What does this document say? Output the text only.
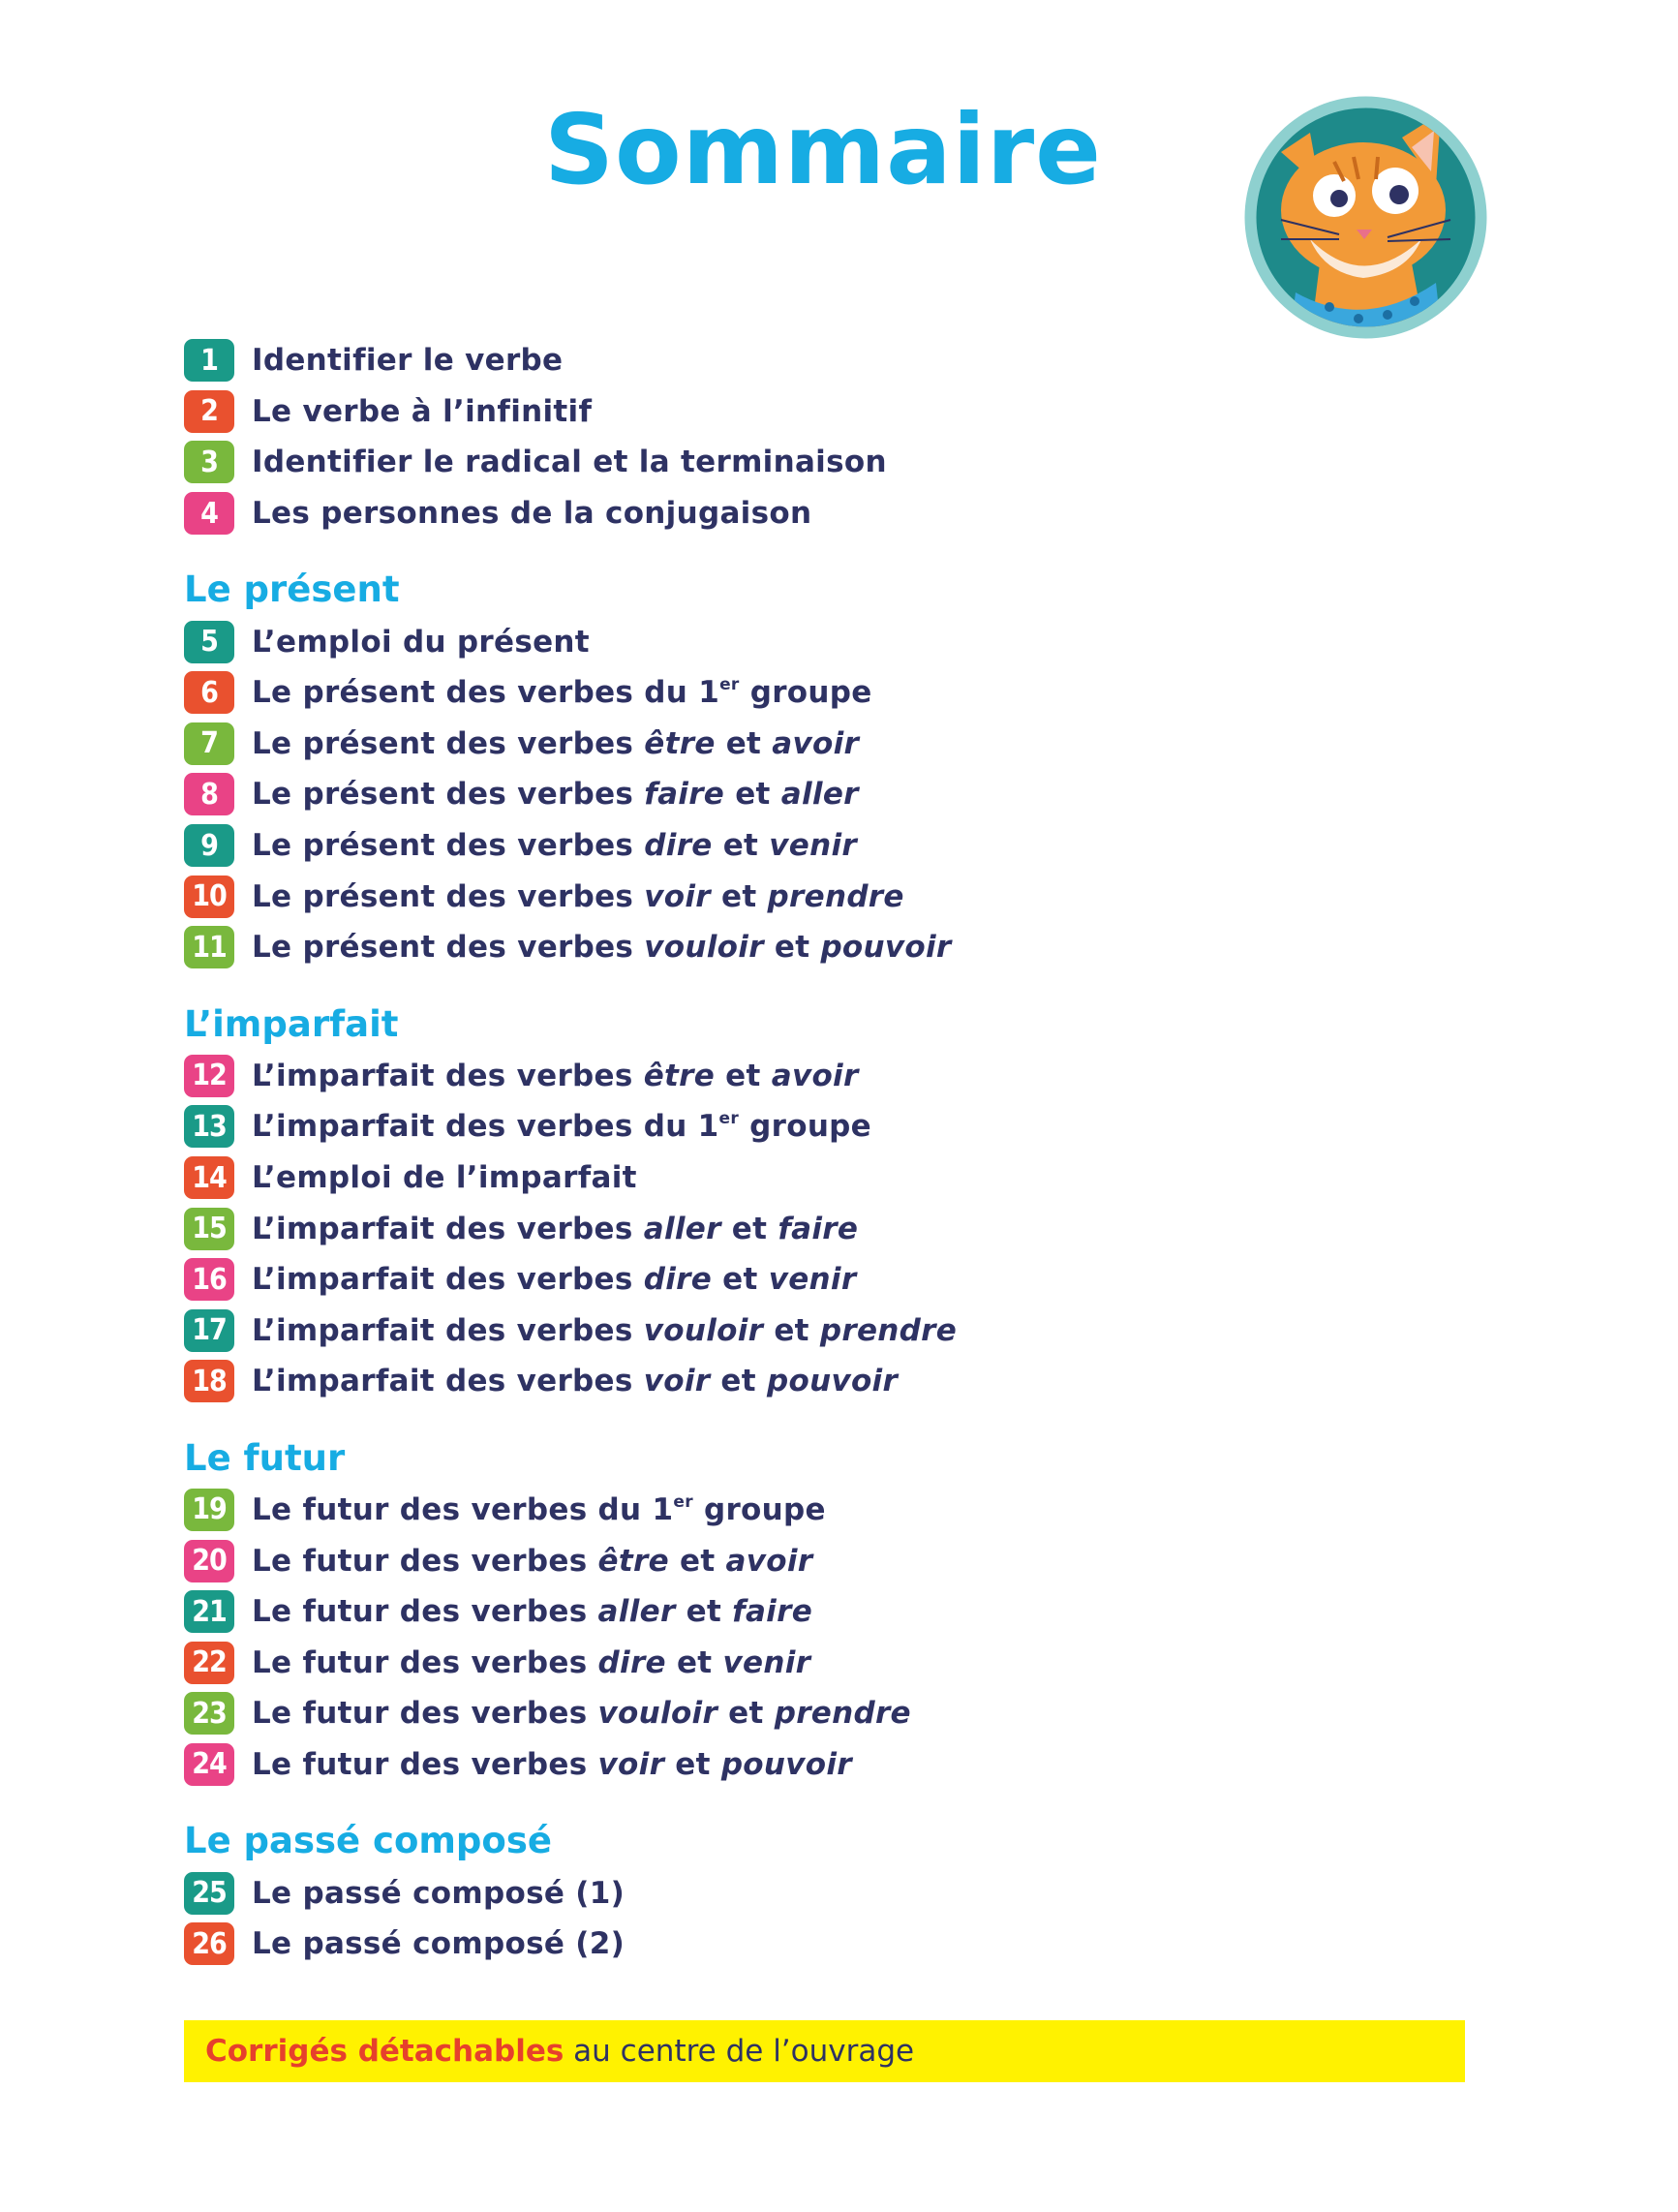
Sommaire
1	Identifier le verbe
2	Le verbe à l’infinitif
3	Identifier le radical et la terminaison
4	Les personnes de la conjugaison
Le présent
5	L’emploi du présent
6	Le présent des verbes du 1er groupe
7	Le présent des verbes être et avoir
8	Le présent des verbes faire et aller
9	Le présent des verbes dire et venir
10 Le présent des verbes voir et prendre
11 Le présent des verbes vouloir et pouvoir
L’imparfait
12 L’imparfait des verbes être et avoir
13 L’imparfait des verbes du 1er groupe
14 L’emploi de l’imparfait
15 L’imparfait des verbes aller et faire
16 L’imparfait des verbes dire et venir
17 L’imparfait des verbes vouloir et prendre
18 L’imparfait des verbes voir et pouvoir
Le futur
19 Le futur des verbes du 1er groupe
20 Le futur des verbes être et avoir
21 Le futur des verbes aller et faire
22 Le futur des verbes dire et venir
23 Le futur des verbes vouloir et prendre
24 Le futur des verbes voir et pouvoir
Le passé composé
25 Le passé composé (1)
26 Le passé composé (2)
Corrigés détachables au centre de l’ouvrage
